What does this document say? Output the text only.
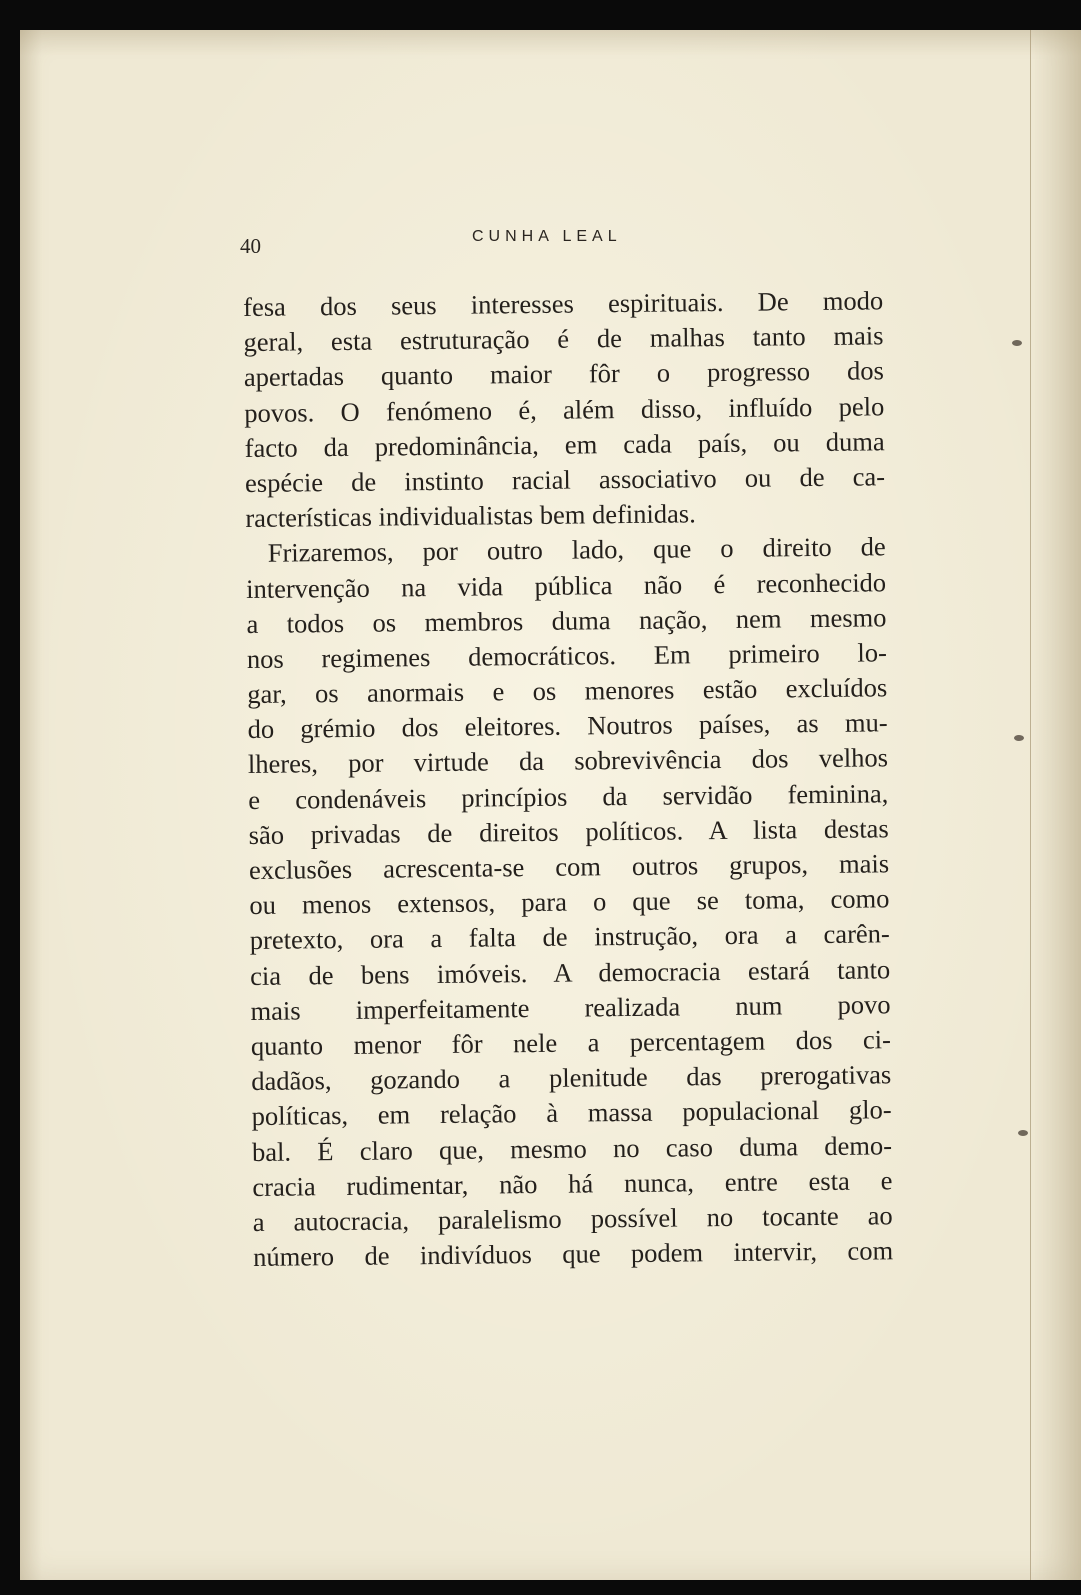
40	CUNHA LEAL
fesa dos seus interesses espirituais. De modo
geral, esta estruturação é de malhas tanto mais
apertadas quanto maior fôr o progresso dos
povos. O fenómeno é, além disso, influído pelo
facto da predominância, em cada país, ou duma
espécie de instinto racial associativo ou de ca-
racterísticas individualistas bem definidas.
Frizaremos, por outro lado, que o direito de
intervenção na vida pública não é reconhecido
a todos os membros duma nação, nem mesmo
nos regimenes democráticos. Em primeiro lo-
gar, os anormais e os menores estão excluídos
do grémio dos eleitores. Noutros países, as mu-
lheres, por virtude da sobrevivência dos velhos
e condenáveis princípios da servidão feminina,
são privadas de direitos políticos. A lista destas
exclusões acrescenta-se com outros grupos, mais
ou menos extensos, para o que se toma, como
pretexto, ora a falta de instrução, ora a carên-
cia de bens imóveis. A democracia estará tanto
mais imperfeitamente realizada num povo
quanto menor fôr nele a percentagem dos ci-
dadãos, gozando a plenitude das prerogativas
políticas, em relação à massa populacional glo-
bal. É claro que, mesmo no caso duma demo-
cracia rudimentar, não há nunca, entre esta e
a autocracia, paralelismo possível no tocante ao
número de indivíduos que podem intervir, com
